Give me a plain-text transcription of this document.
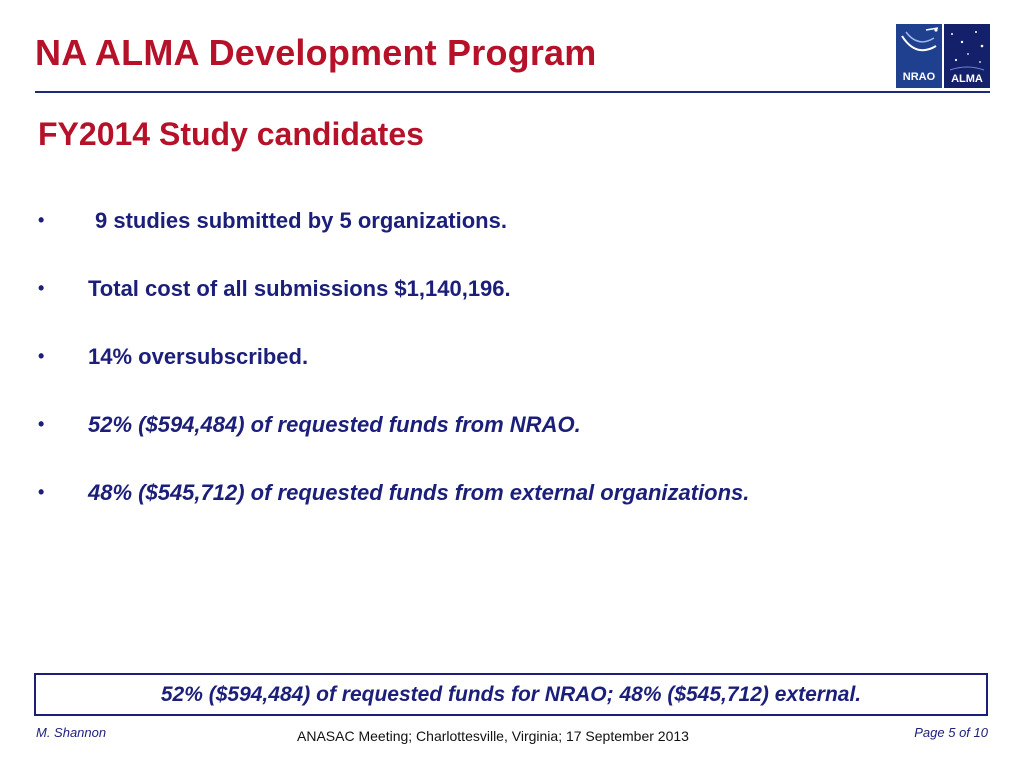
NA ALMA Development Program
NRAO ALMA
FY2014 Study candidates
• 9 studies submitted by 5 organizations.
• Total cost of all submissions $1,140,196.
• 14% oversubscribed.
• 52% ($594,484) of requested funds from NRAO.
• 48% ($545,712) of requested funds from external organizations.
52% ($594,484) of requested funds for NRAO; 48% ($545,712) external.
M. Shannon	ANASAC Meeting; Charlottesville, Virginia; 17 September 2013	Page 5 of 10
